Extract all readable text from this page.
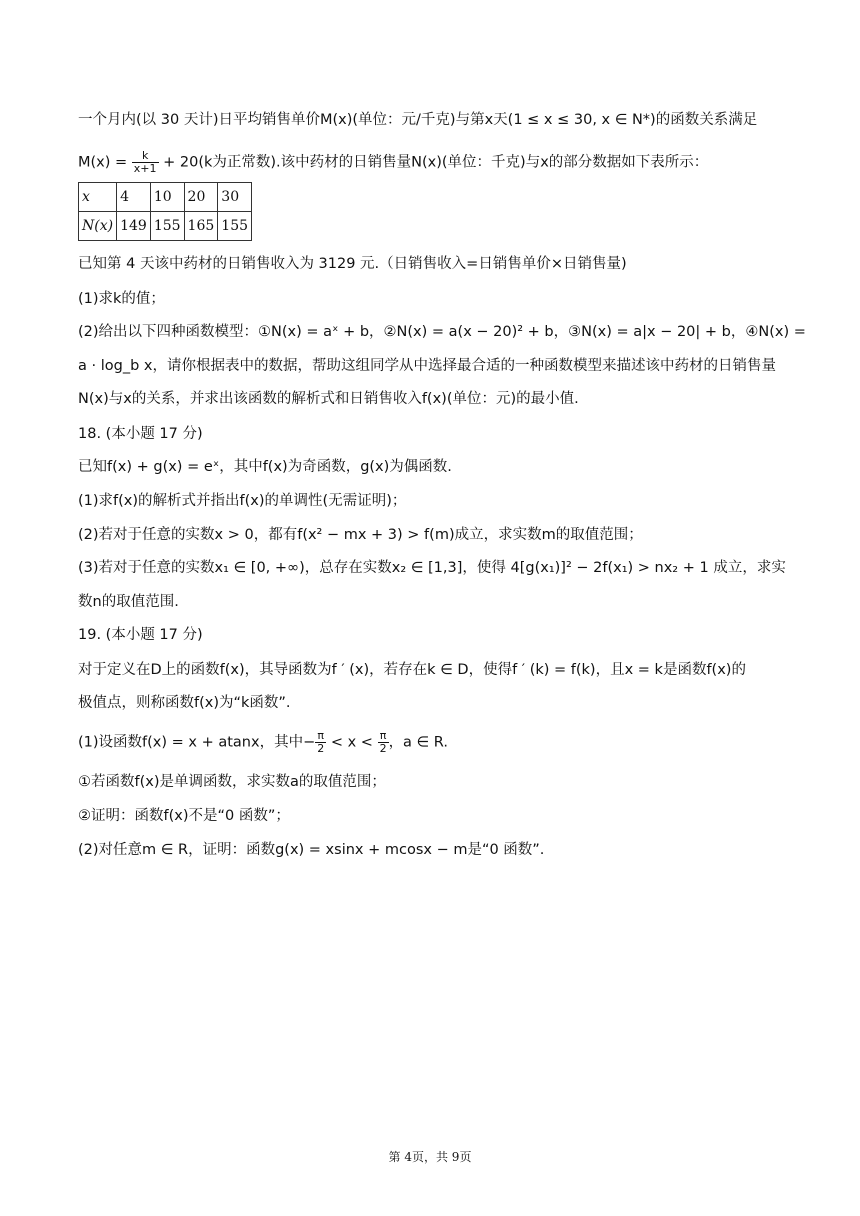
一个月内(以 30 天计)日平均销售单价M(x)(单位：元/千克)与第x天(1 ≤ x ≤ 30, x ∈ N*)的函数关系满足
$M(x) = \frac{k}{x+1} + 20(k$为正常数).该中药材的日销售量N(x)(单位：千克)与x的部分数据如下表所示：
x	4	10	20	30
N(x)	149	155	165	155
已知第 4 天该中药材的日销售收入为 3129 元.（日销售收入=日销售单价×日销售量)
(1)求k的值；
(2)给出以下四种函数模型：①N(x) = aˣ + b，②N(x) = a(x − 20)² + b，③N(x) = a|x − 20| + b，④N(x) =
a · log_b x，请你根据表中的数据，帮助这组同学从中选择最合适的一种函数模型来描述该中药材的日销售量
N(x)与x的关系，并求出该函数的解析式和日销售收入f(x)(单位：元)的最小值.
18. (本小题 17 分)
已知f(x) + g(x) = eˣ，其中f(x)为奇函数，g(x)为偶函数.
(1)求f(x)的解析式并指出f(x)的单调性(无需证明)；
(2)若对于任意的实数x > 0，都有f(x² − mx + 3) > f(m)成立，求实数m的取值范围；
(3)若对于任意的实数x₁ ∈ [0, +∞)，总存在实数x₂ ∈ [1,3]，使得 4[g(x₁)]² − 2f(x₁) > nx₂ + 1 成立，求实
数n的取值范围.
19. (本小题 17 分)
对于定义在D上的函数f(x)，其导函数为f ′ (x)，若存在k ∈ D，使得f ′ (k) = f(k)，且x = k是函数f(x)的
极值点，则称函数f(x)为“k函数”.
(1)设函数f(x) = x + atanx，其中− $\frac{\pi}{2} < x < \frac{\pi}{2}$ ，a ∈ R.
①若函数f(x)是单调函数，求实数a的取值范围；
②证明：函数f(x)不是“0 函数”；
(2)对任意m ∈ R，证明：函数g(x) = xsinx + mcosx − m是“0 函数”.
第 4页，共 9页
